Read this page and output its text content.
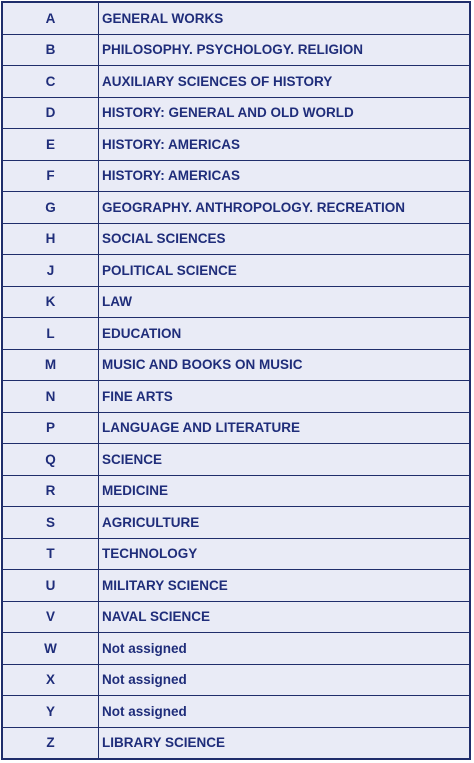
A	GENERAL WORKS
B	PHILOSOPHY. PSYCHOLOGY. RELIGION
C	AUXILIARY SCIENCES OF HISTORY
D	HISTORY: GENERAL AND OLD WORLD
E	HISTORY: AMERICAS
F	HISTORY: AMERICAS
G	GEOGRAPHY. ANTHROPOLOGY. RECREATION
H	SOCIAL SCIENCES
J	POLITICAL SCIENCE
K	LAW
L	EDUCATION
M	MUSIC AND BOOKS ON MUSIC
N	FINE ARTS
P	LANGUAGE AND LITERATURE
Q	SCIENCE
R	MEDICINE
S	AGRICULTURE
T	TECHNOLOGY
U	MILITARY SCIENCE
V	NAVAL SCIENCE
W	Not assigned
X	Not assigned
Y	Not assigned
Z	LIBRARY SCIENCE
